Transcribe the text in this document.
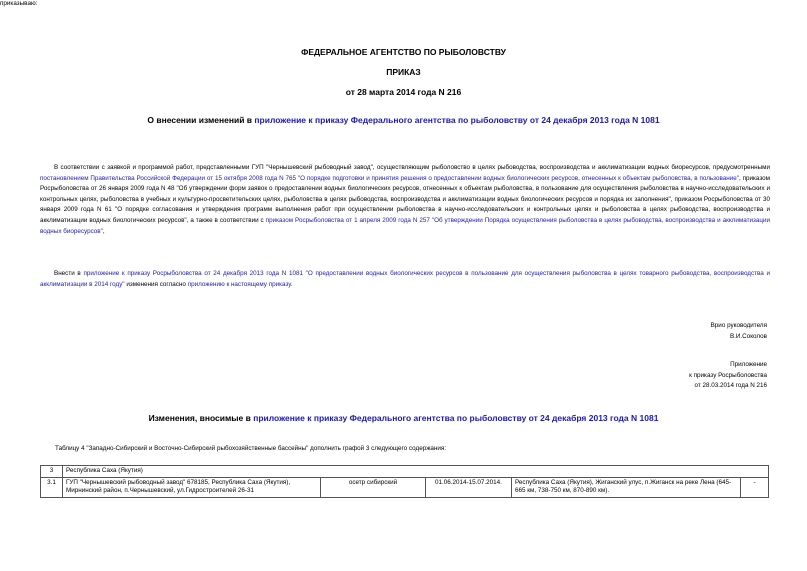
ФЕДЕРАЛЬНОЕ АГЕНТСТВО ПО РЫБОЛОВСТВУ
ПРИКАЗ
от 28 марта 2014 года N 216
О внесении изменений в приложение к приказу Федерального агентства по рыболовству от 24 декабря 2013 года N 1081
В соответствии с заявкой и программой работ, представленными ГУП "Чернышевский рыбоводный завод", осуществляющим рыболовство в целях рыбоводства, воспроизводства и акклиматизации водных биоресурсов, предусмотренными постановлением Правительства Российской Федерации от 15 октября 2008 года N 765 "О порядке подготовки и принятия решения о предоставлении водных биологических ресурсов, отнесенных к объектам рыболовства, в пользование", приказом Росрыболовства от 26 января 2009 года N 48 "Об утверждении форм заявок о предоставлении водных биологических ресурсов, отнесенных к объектам рыболовства, в пользование для осуществления рыболовства в научно-исследовательских и контрольных целях, рыболовства в учебных и культурно-просветительских целях, рыболовства в целях рыбоводства, воспроизводства и акклиматизации водных биологических ресурсов и порядка их заполнения", приказом Росрыболовства от 30 января 2009 года N 61 "О порядке согласования и утверждения программ выполнения работ при осуществлении рыболовства в научно-исследовательских и контрольных целях и рыболовства в целях рыбоводства, воспроизводства и акклиматизации водных биологических ресурсов", а также в соответствии с приказом Росрыболовства от 1 апреля 2009 года N 257 "Об утверждении Порядка осуществления рыболовства в целях рыбоводства, воспроизводства и акклиматизации водных биоресурсов",
приказываю:
Внести в приложение к приказу Росрыболовства от 24 декабря 2013 года N 1081 "О предоставлении водных биологических ресурсов в пользование для осуществления рыболовства в целях товарного рыбоводства, воспроизводства и акклиматизации в 2014 году" изменения согласно приложению к настоящему приказу.
Врио руководителя
В.И.Соколов
Приложение
к приказу Росрыболовства
от 28.03.2014 года N 216
Изменения, вносимые в приложение к приказу Федерального агентства по рыболовству от 24 декабря 2013 года N 1081
Таблицу 4 "Западно-Сибирский и Восточно-Сибирский рыбохозяйственные бассейны" дополнить графой 3 следующего содержания:
3	Республика Саха (Якутия)				
3.1	ГУП "Чернышевский рыбоводный завод" 678185, Республика Саха (Якутия), Мирнинский район, п.Чернышевский, ул.Гидростроителей 26-31	осетр сибирский	01.06.2014-15.07.2014.	Республика Саха (Якутия), Жиганский улус, п.Жиганск на реке Лена (645-665 км, 738-750 км, 870-890 км).	-
